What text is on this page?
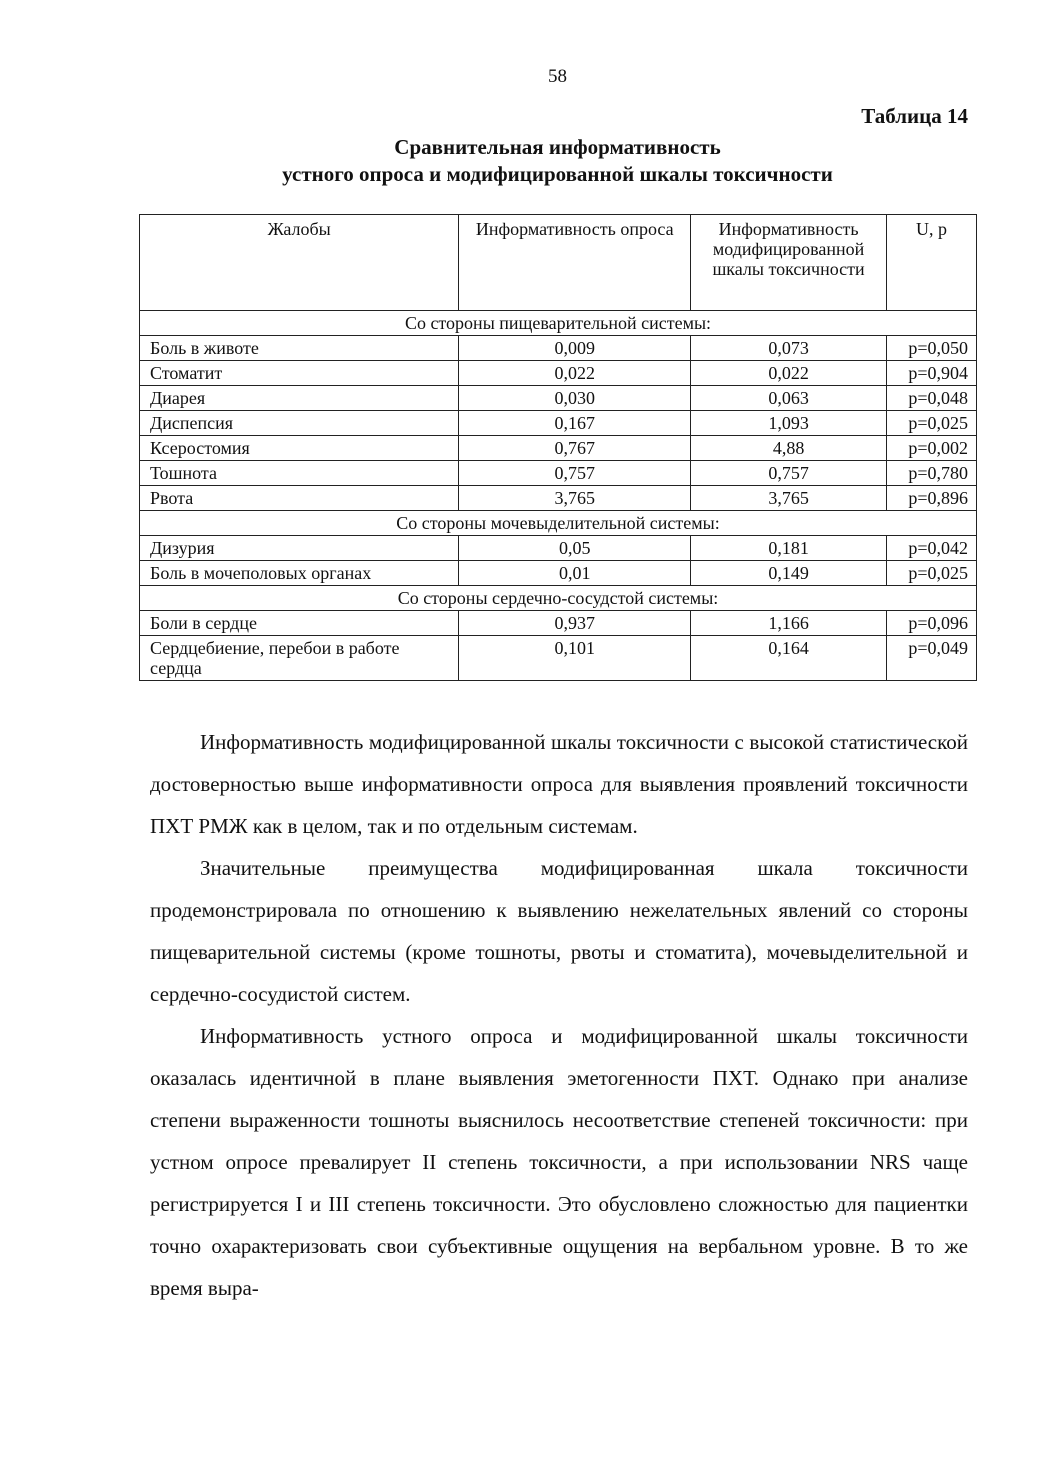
58
Таблица 14
Сравнительная информативность
устного опроса и модифицированной шкалы токсичности
Жалобы	Информативность опроса	Информативность модифицированной шкалы токсичности	U, p
Со стороны пищеварительной системы:			
Боль в животе	0,009	0,073	p=0,050
Стоматит	0,022	0,022	p=0,904
Диарея	0,030	0,063	p=0,048
Диспепсия	0,167	1,093	p=0,025
Ксеростомия	0,767	4,88	p=0,002
Тошнота	0,757	0,757	p=0,780
Рвота	3,765	3,765	p=0,896
Со стороны мочевыделительной системы:			
Дизурия	0,05	0,181	p=0,042
Боль в мочеполовых органах	0,01	0,149	p=0,025
Со стороны сердечно-сосудстой системы:			
Боли в сердце	0,937	1,166	p=0,096
Сердцебиение, перебои в работе сердца	0,101	0,164	p=0,049

Информативность модифицированной шкалы токсичности с высокой статистической достоверностью выше информативности опроса для выявления проявлений токсичности ПХТ РМЖ как в целом, так и по отдельным системам.

Значительные преимущества модифицированная шкала токсичности продемонстрировала по отношению к выявлению нежелательных явлений со стороны пищеварительной системы (кроме тошноты, рвоты и стоматита), мочевыделительной и сердечно-сосудистой систем.

Информативность устного опроса и модифицированной шкалы токсичности оказалась идентичной в плане выявления эметогенности ПХТ. Однако при анализе степени выраженности тошноты выяснилось несоответствие степеней токсичности: при устном опросе превалирует II степень токсичности, а при использовании NRS чаще регистрируется I и III степень токсичности. Это обусловлено сложностью для пациентки точно охарактеризовать свои субъективные ощущения на вербальном уровне. В то же время выра-
